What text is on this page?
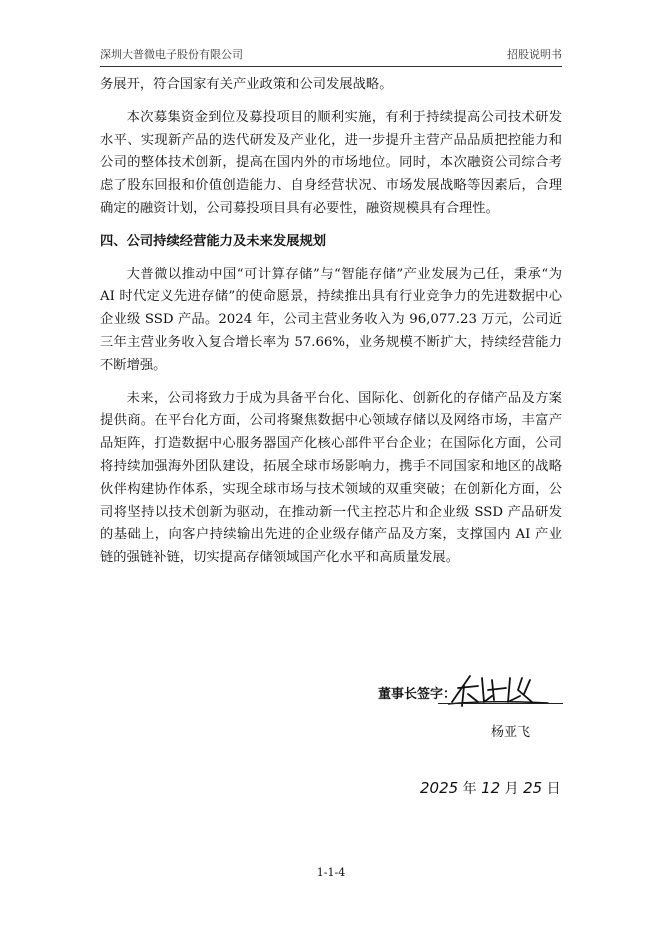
深圳大普微电子股份有限公司	招股说明书

务展开，符合国家有关产业政策和公司发展战略。

本次募集资金到位及募投项目的顺利实施，有利于持续提高公司技术研发水平、实现新产品的迭代研发及产业化，进一步提升主营产品品质把控能力和公司的整体技术创新，提高在国内外的市场地位。同时，本次融资公司综合考虑了股东回报和价值创造能力、自身经营状况、市场发展战略等因素后，合理确定的融资计划，公司募投项目具有必要性，融资规模具有合理性。

四、公司持续经营能力及未来发展规划

大普微以推动中国“可计算存储”与“智能存储”产业发展为己任，秉承“为 AI 时代定义先进存储”的使命愿景，持续推出具有行业竞争力的先进数据中心企业级 SSD 产品。2024 年，公司主营业务收入为 96,077.23 万元，公司近三年主营业务收入复合增长率为 57.66%，业务规模不断扩大，持续经营能力不断增强。

未来，公司将致力于成为具备平台化、国际化、创新化的存储产品及方案提供商。在平台化方面，公司将聚焦数据中心领域存储以及网络市场，丰富产品矩阵，打造数据中心服务器国产化核心部件平台企业；在国际化方面，公司将持续加强海外团队建设，拓展全球市场影响力，携手不同国家和地区的战略伙伴构建协作体系，实现全球市场与技术领域的双重突破；在创新化方面，公司将坚持以技术创新为驱动，在推动新一代主控芯片和企业级 SSD 产品研发的基础上，向客户持续输出先进的企业级存储产品及方案，支撑国内 AI 产业链的强链补链，切实提高存储领域国产化水平和高质量发展。

董事长签字：
杨亚飞
2025 年 12 月 25 日
1-1-4
